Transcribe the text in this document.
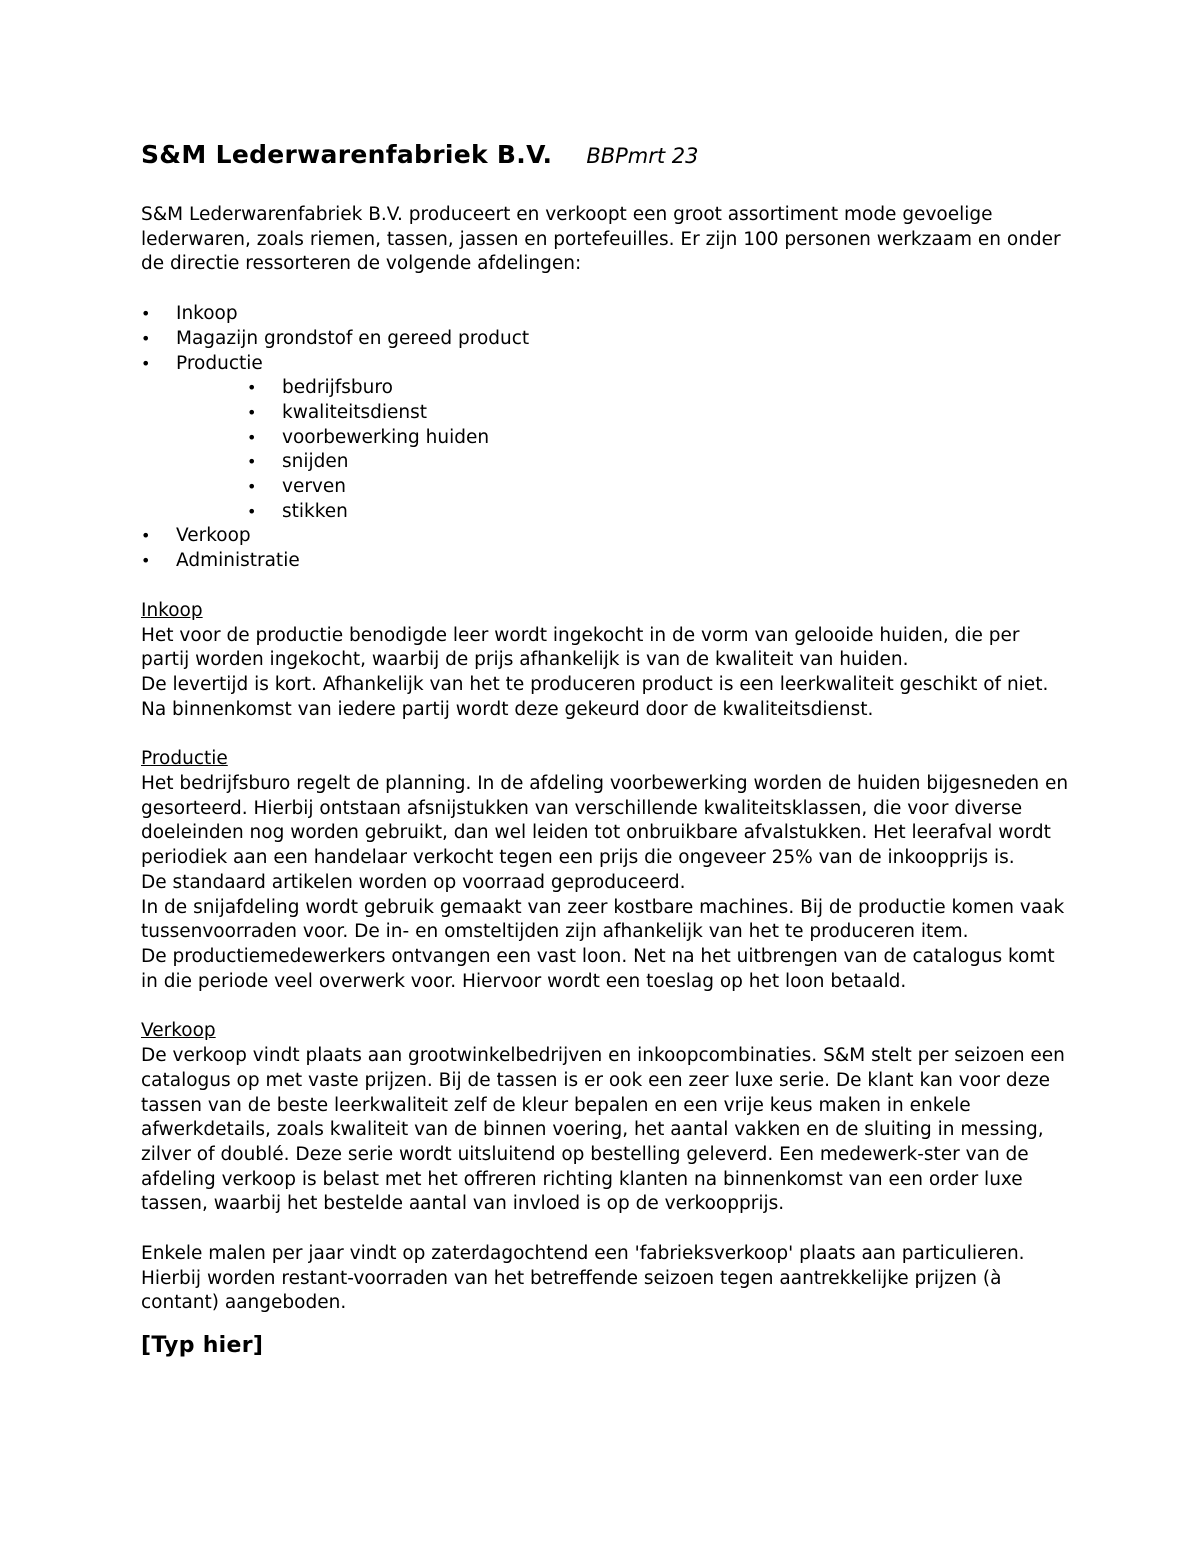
S&M Lederwarenfabriek B.V. BBPmrt 23

S&M Lederwarenfabriek B.V. produceert en verkoopt een groot assortiment mode gevoelige lederwaren, zoals riemen, tassen, jassen en portefeuilles. Er zijn 100 personen werkzaam en onder de directie ressorteren de volgende afdelingen:

• Inkoop
• Magazijn grondstof en gereed product
• Productie
• bedrijfsburo
• kwaliteitsdienst
• voorbewerking huiden
• snijden
• verven
• stikken
• Verkoop
• Administratie

Inkoop

Het voor de productie benodigde leer wordt ingekocht in de vorm van gelooide huiden, die per partij worden ingekocht, waarbij de prijs afhankelijk is van de kwaliteit van huiden.

De levertijd is kort. Afhankelijk van het te produceren product is een leerkwaliteit geschikt of niet. Na binnenkomst van iedere partij wordt deze gekeurd door de kwaliteitsdienst.

Productie

Het bedrijfsburo regelt de planning. In de afdeling voorbewerking worden de huiden bijgesneden en gesorteerd. Hierbij ontstaan afsnijstukken van verschillende kwaliteitsklassen, die voor diverse doeleinden nog worden gebruikt, dan wel leiden tot onbruikbare afvalstukken. Het leerafval wordt periodiek aan een handelaar verkocht tegen een prijs die ongeveer 25% van de inkoopprijs is.

De standaard artikelen worden op voorraad geproduceerd.

In de snijafdeling wordt gebruik gemaakt van zeer kostbare machines. Bij de productie komen vaak tussenvoorraden voor. De in- en omsteltijden zijn afhankelijk van het te produceren item.

De productiemedewerkers ontvangen een vast loon. Net na het uitbrengen van de catalogus komt in die periode veel overwerk voor. Hiervoor wordt een toeslag op het loon betaald.

Verkoop

De verkoop vindt plaats aan grootwinkelbedrijven en inkoopcombinaties. S&M stelt per seizoen een catalogus op met vaste prijzen. Bij de tassen is er ook een zeer luxe serie. De klant kan voor deze tassen van de beste leerkwaliteit zelf de kleur bepalen en een vrije keus maken in enkele afwerkdetails, zoals kwaliteit van de binnen voering, het aantal vakken en de sluiting in messing, zilver of doublé. Deze serie wordt uitsluitend op bestelling geleverd. Een medewerk-ster van de afdeling verkoop is belast met het offreren richting klanten na binnenkomst van een order luxe tassen, waarbij het bestelde aantal van invloed is op de verkoopprijs.

Enkele malen per jaar vindt op zaterdagochtend een 'fabrieksverkoop' plaats aan particulieren. Hierbij worden restant-voorraden van het betreffende seizoen tegen aantrekkelijke prijzen (à contant) aangeboden.

[Typ hier]
